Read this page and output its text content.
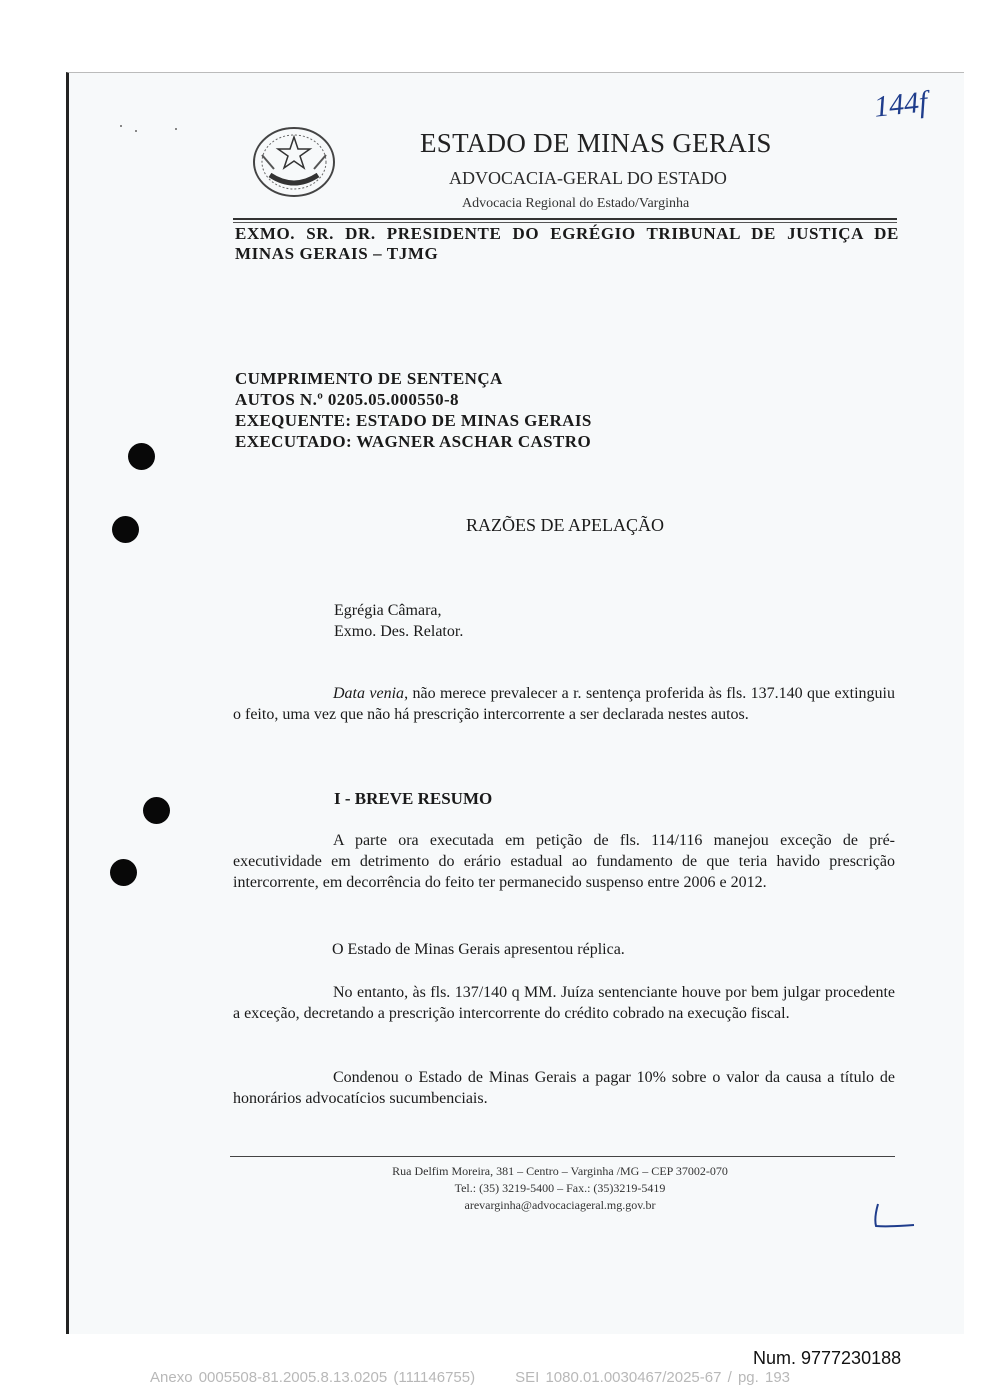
144f
ESTADO DE MINAS GERAIS
ADVOCACIA-GERAL DO ESTADO
Advocacia Regional do Estado/Varginha
EXMO. SR. DR. PRESIDENTE DO EGRÉGIO TRIBUNAL DE JUSTIÇA DE MINAS GERAIS – TJMG
CUMPRIMENTO DE SENTENÇA
AUTOS N.º 0205.05.000550-8
EXEQUENTE: ESTADO DE MINAS GERAIS
EXECUTADO: WAGNER ASCHAR CASTRO
RAZÕES DE APELAÇÃO
Egrégia Câmara,
Exmo. Des. Relator.
Data venia, não merece prevalecer a r. sentença proferida às fls. 137.140 que extinguiu o feito, uma vez que não há prescrição intercorrente a ser declarada nestes autos.
I - BREVE RESUMO
A parte ora executada em petição de fls. 114/116 manejou exceção de pré-executividade em detrimento do erário estadual ao fundamento de que teria havido prescrição intercorrente, em decorrência do feito ter permanecido suspenso entre 2006 e 2012.
O Estado de Minas Gerais apresentou réplica.
No entanto, às fls. 137/140 q MM. Juíza sentenciante houve por bem julgar procedente a exceção, decretando a prescrição intercorrente do crédito cobrado na execução fiscal.
Condenou o Estado de Minas Gerais a pagar 10% sobre o valor da causa a título de honorários advocatícios sucumbenciais.
Rua Delfim Moreira, 381 – Centro – Varginha /MG – CEP 37002-070
Tel.: (35) 3219-5400 – Fax.: (35)3219-5419
arevarginha@advocaciageral.mg.gov.br
Num. 9777230188
Anexo 0005508-81.2005.8.13.0205 (111146755)	SEI 1080.01.0030467/2025-67 / pg. 193
